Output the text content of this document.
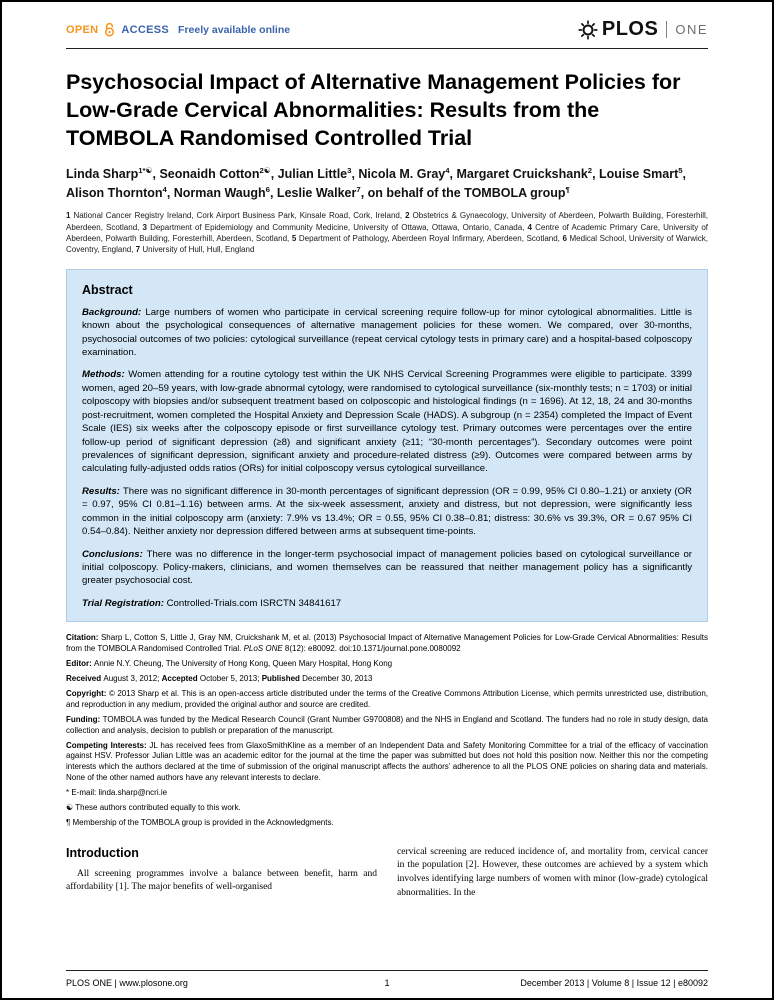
OPEN ACCESS Freely available online	PLOS ONE
Psychosocial Impact of Alternative Management Policies for Low-Grade Cervical Abnormalities: Results from the TOMBOLA Randomised Controlled Trial

Linda Sharp$^{1*☯}$, Seonaidh Cotton$^{2☯}$, Julian Little$^3$, Nicola M. Gray$^4$, Margaret Cruickshank$^2$, Louise Smart$^5$, Alison Thornton$^4$, Norman Waugh$^6$, Leslie Walker$^7$, on behalf of the TOMBOLA group¶

1 National Cancer Registry Ireland, Cork Airport Business Park, Kinsale Road, Cork, Ireland, 2 Obstetrics & Gynaecology, University of Aberdeen, Polwarth Building, Foresterhill, Aberdeen, Scotland, 3 Department of Epidemiology and Community Medicine, University of Ottawa, Ottawa, Ontario, Canada, 4 Centre of Academic Primary Care, University of Aberdeen, Polwarth Building, Foresterhill, Aberdeen, Scotland, 5 Department of Pathology, Aberdeen Royal Infirmary, Aberdeen, Scotland, 6 Medical School, University of Warwick, Coventry, England, 7 University of Hull, Hull, England

Abstract

Background: Large numbers of women who participate in cervical screening require follow-up for minor cytological abnormalities. Little is known about the psychological consequences of alternative management policies for these women. We compared, over 30-months, psychosocial outcomes of two policies: cytological surveillance (repeat cervical cytology tests in primary care) and a hospital-based colposcopy examination.

Methods: Women attending for a routine cytology test within the UK NHS Cervical Screening Programmes were eligible to participate. 3399 women, aged 20–59 years, with low-grade abnormal cytology, were randomised to cytological surveillance (six-monthly tests; n = 1703) or initial colposcopy with biopsies and/or subsequent treatment based on colposcopic and histological findings (n = 1696). At 12, 18, 24 and 30-months post-recruitment, women completed the Hospital Anxiety and Depression Scale (HADS). A subgroup (n = 2354) completed the Impact of Event Scale (IES) six weeks after the colposcopy episode or first surveillance cytology test. Primary outcomes were percentages over the entire follow-up period of significant depression (≥8) and significant anxiety (≥11; “30-month percentages”). Secondary outcomes were point prevalences of significant depression, significant anxiety and procedure-related distress (≥9). Outcomes were compared between arms by calculating fully-adjusted odds ratios (ORs) for initial colposcopy versus cytological surveillance.

Results: There was no significant difference in 30-month percentages of significant depression (OR = 0.99, 95% CI 0.80–1.21) or anxiety (OR = 0.97, 95% CI 0.81–1.16) between arms. At the six-week assessment, anxiety and distress, but not depression, were significantly less common in the initial colposcopy arm (anxiety: 7.9% vs 13.4%; OR = 0.55, 95% CI 0.38–0.81; distress: 30.6% vs 39.3%, OR = 0.67 95% CI 0.54–0.84). Neither anxiety nor depression differed between arms at subsequent time-points.

Conclusions: There was no difference in the longer-term psychosocial impact of management policies based on cytological surveillance or initial colposcopy. Policy-makers, clinicians, and women themselves can be reassured that neither management policy has a significantly greater psychosocial cost.

Trial Registration: Controlled-Trials.com ISRCTN 34841617

Citation: Sharp L, Cotton S, Little J, Gray NM, Cruickshank M, et al. (2013) Psychosocial Impact of Alternative Management Policies for Low-Grade Cervical Abnormalities: Results from the TOMBOLA Randomised Controlled Trial. PLoS ONE 8(12): e80092. doi:10.1371/journal.pone.0080092

Editor: Annie N.Y. Cheung, The University of Hong Kong, Queen Mary Hospital, Hong Kong

Received August 3, 2012; Accepted October 5, 2013; Published December 30, 2013

Copyright: © 2013 Sharp et al. This is an open-access article distributed under the terms of the Creative Commons Attribution License, which permits unrestricted use, distribution, and reproduction in any medium, provided the original author and source are credited.

Funding: TOMBOLA was funded by the Medical Research Council (Grant Number G9700808) and the NHS in England and Scotland. The funders had no role in study design, data collection and analysis, decision to publish or preparation of the manuscript.

Competing Interests: JL has received fees from GlaxoSmithKline as a member of an Independent Data and Safety Monitoring Committee for a trial of the efficacy of vaccination against HSV. Professor Julian Little was an academic editor for the journal at the time the paper was submitted but does not hold this position now. Neither this nor the competing interests which the authors declared at the time of submission of the original manuscript affects the authors’ adherence to all the PLOS ONE policies on sharing data and materials. None of the other named authors have any relevant interests to declare.

* E-mail: linda.sharp@ncri.ie

☯ These authors contributed equally to this work.

¶ Membership of the TOMBOLA group is provided in the Acknowledgments.

Introduction

All screening programmes involve a balance between benefit, harm and affordability [1]. The major benefits of well-organised

cervical screening are reduced incidence of, and mortality from, cervical cancer in the population [2]. However, these outcomes are achieved by a system which involves identifying large numbers of women with minor (low-grade) cytological abnormalities. In the

PLOS ONE | www.plosone.org	1	December 2013 | Volume 8 | Issue 12 | e80092
